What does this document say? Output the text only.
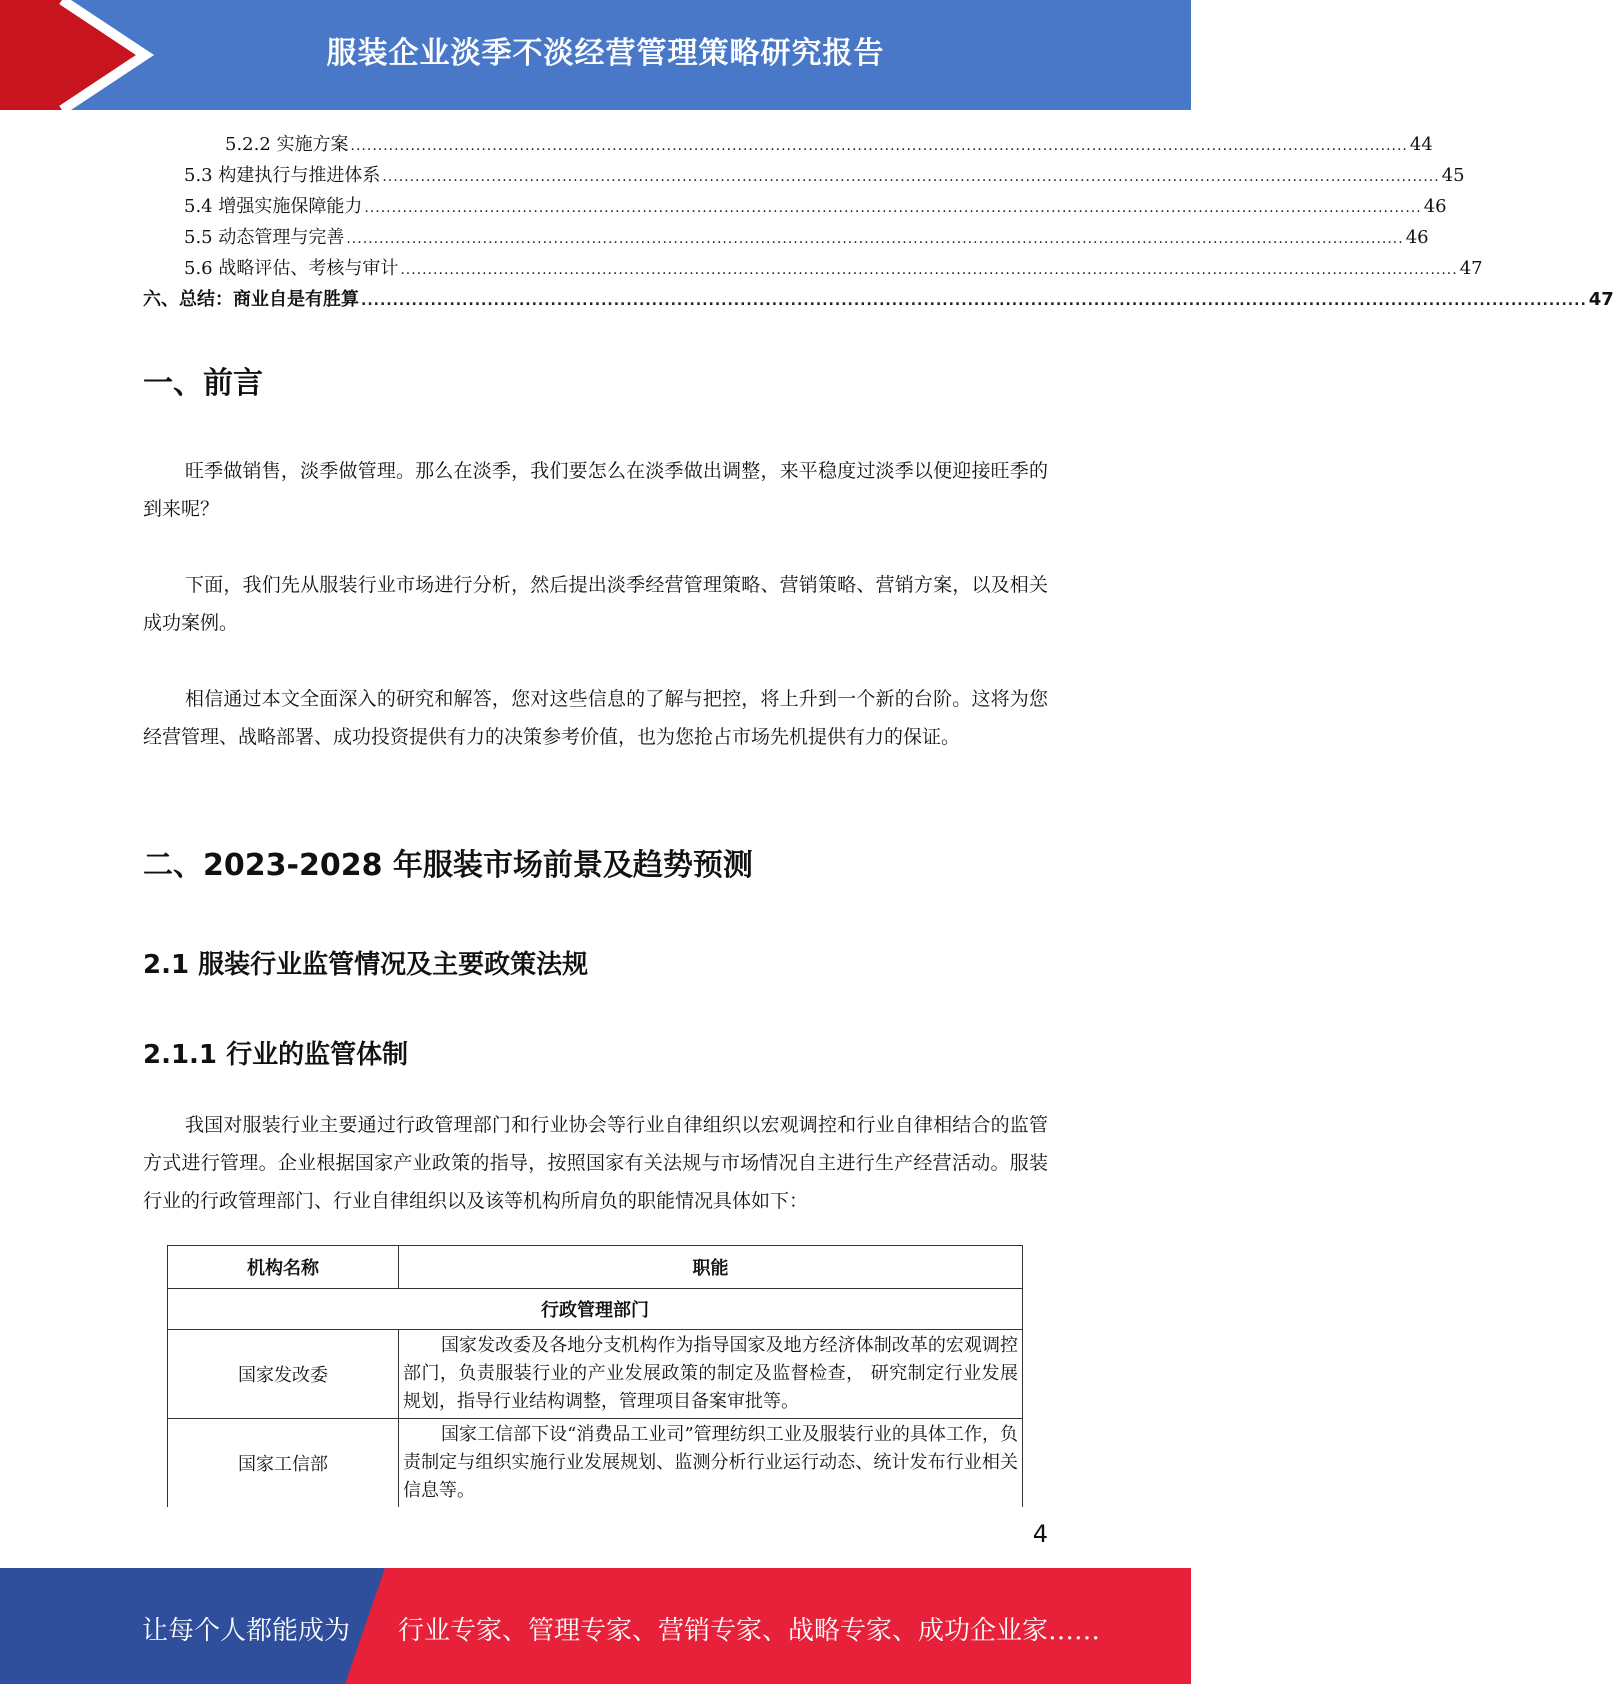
服装企业淡季不淡经营管理策略研究报告
5.2.2 实施方案 .................................................................................................................................................................................................. 44
5.3 构建执行与推进体系 .................................................................................................................................................................................................. 45
5.4 增强实施保障能力 .................................................................................................................................................................................................. 46
5.5 动态管理与完善 .................................................................................................................................................................................................. 46
5.6 战略评估、考核与审计 .................................................................................................................................................................................................. 47
六、总结：商业自是有胜算 .................................................................................................................................................................................................. 47
一、前言
旺季做销售，淡季做管理。那么在淡季，我们要怎么在淡季做出调整，来平稳度过淡季以便迎接旺季的到来呢？
下面，我们先从服装行业市场进行分析，然后提出淡季经营管理策略、营销策略、营销方案，以及相关成功案例。
相信通过本文全面深入的研究和解答，您对这些信息的了解与把控，将上升到一个新的台阶。这将为您经营管理、战略部署、成功投资提供有力的决策参考价值，也为您抢占市场先机提供有力的保证。
二、2023-2028 年服装市场前景及趋势预测
2.1 服装行业监管情况及主要政策法规
2.1.1 行业的监管体制
我国对服装行业主要通过行政管理部门和行业协会等行业自律组织以宏观调控和行业自律相结合的监管方式进行管理。企业根据国家产业政策的指导，按照国家有关法规与市场情况自主进行生产经营活动。服装行业的行政管理部门、行业自律组织以及该等机构所肩负的职能情况具体如下：
机构名称	职能
行政管理部门	
国家发改委	国家发改委及各地分支机构作为指导国家及地方经济体制改革的宏观调控部门，负责服装行业的产业发展政策的制定及监督检查， 研究制定行业发展规划，指导行业结构调整，管理项目备案审批等。
国家工信部	国家工信部下设“消费品工业司”管理纺织工业及服装行业的具体工作，负责制定与组织实施行业发展规划、监测分析行业运行动态、统计发布行业相关信息等。
4
让每个人都能成为 行业专家、管理专家、营销专家、战略专家、成功企业家……
